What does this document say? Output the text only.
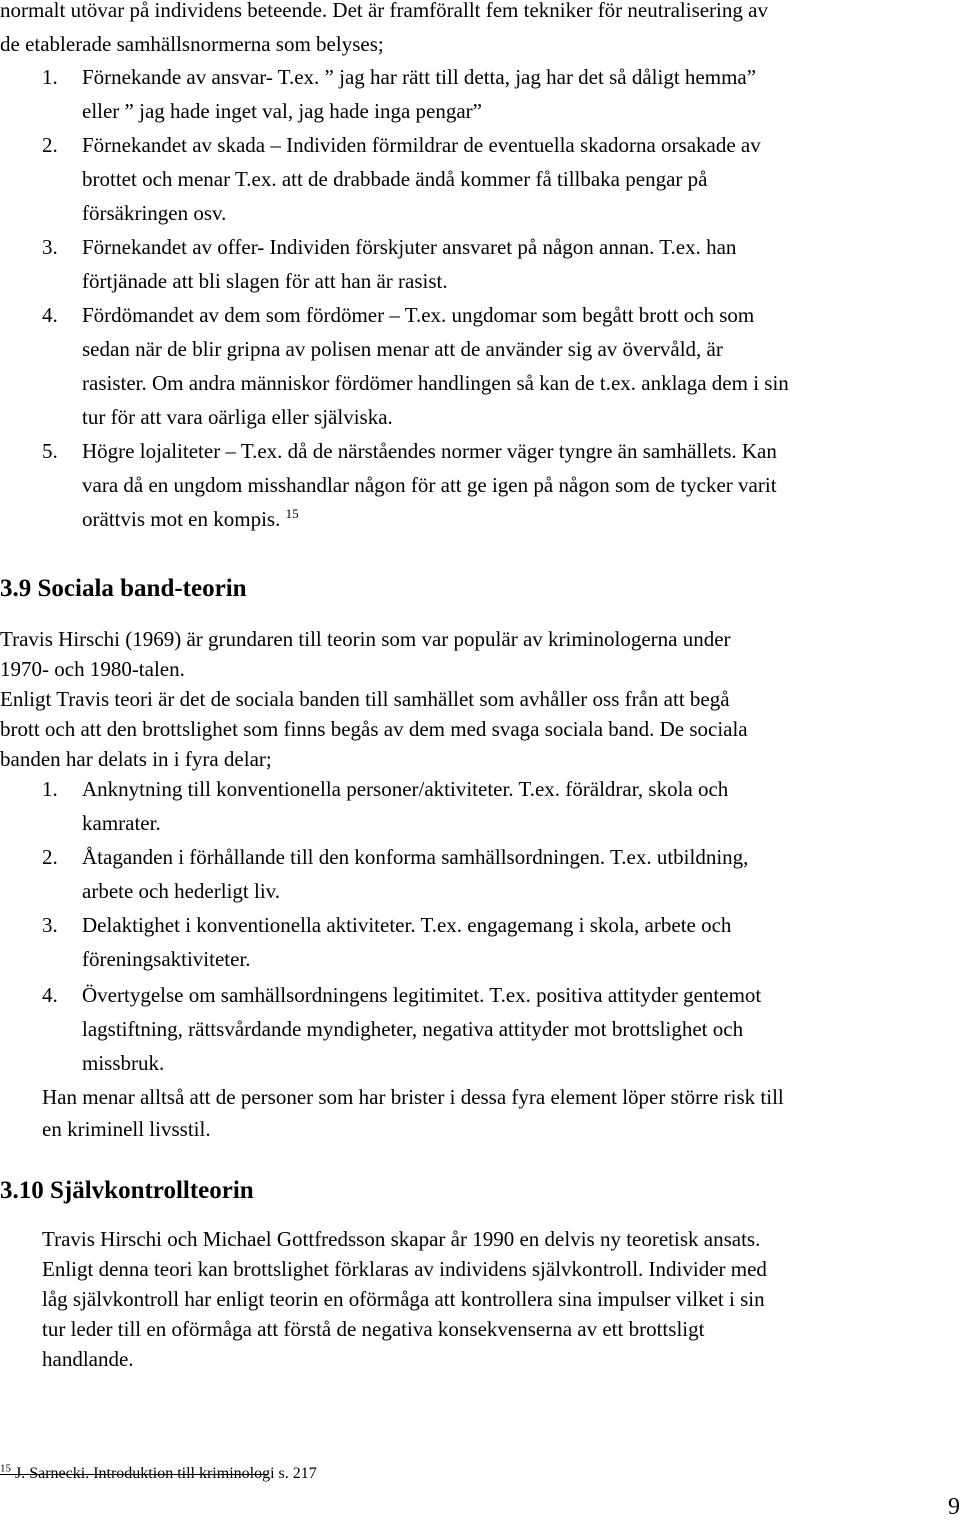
normalt utövar på individens beteende. Det är framförallt fem tekniker för neutralisering av

de etablerade samhällsnormerna som belyses;

1. Förnekande av ansvar- T.ex. ” jag har rätt till detta, jag har det så dåligt hemma”

eller ” jag hade inget val, jag hade inga pengar”

2. Förnekandet av skada – Individen förmildrar de eventuella skadorna orsakade av

brottet och menar T.ex. att de drabbade ändå kommer få tillbaka pengar på

försäkringen osv.

3. Förnekandet av offer- Individen förskjuter ansvaret på någon annan. T.ex. han

förtjänade att bli slagen för att han är rasist.

4. Fördömandet av dem som fördömer – T.ex. ungdomar som begått brott och som

sedan när de blir gripna av polisen menar att de använder sig av övervåld, är

rasister. Om andra människor fördömer handlingen så kan de t.ex. anklaga dem i sin

tur för att vara oärliga eller själviska.

5. Högre lojaliteter – T.ex. då de närståendes normer väger tyngre än samhällets. Kan

vara då en ungdom misshandlar någon för att ge igen på någon som de tycker varit

orättvis mot en kompis. $^{15}$

3.9 Sociala band-teorin

Travis Hirschi (1969) är grundaren till teorin som var populär av kriminologerna under

1970- och 1980-talen.

Enligt Travis teori är det de sociala banden till samhället som avhåller oss från att begå

brott och att den brottslighet som finns begås av dem med svaga sociala band. De sociala

banden har delats in i fyra delar;

1. Anknytning till konventionella personer/aktiviteter. T.ex. föräldrar, skola och

kamrater.

2. Åtaganden i förhållande till den konforma samhällsordningen. T.ex. utbildning,

arbete och hederligt liv.

3. Delaktighet i konventionella aktiviteter. T.ex. engagemang i skola, arbete och

föreningsaktiviteter.

4. Övertygelse om samhällsordningens legitimitet. T.ex. positiva attityder gentemot

lagstiftning, rättsvårdande myndigheter, negativa attityder mot brottslighet och

missbruk.

Han menar alltså att de personer som har brister i dessa fyra element löper större risk till

en kriminell livsstil.

3.10 Självkontrollteorin

Travis Hirschi och Michael Gottfredsson skapar år 1990 en delvis ny teoretisk ansats.

Enligt denna teori kan brottslighet förklaras av individens självkontroll. Individer med

låg självkontroll har enligt teorin en oförmåga att kontrollera sina impulser vilket i sin

tur leder till en oförmåga att förstå de negativa konsekvenserna av ett brottsligt

handlande.

$^{15}$ J. Sarnecki. Introduktion till kriminologi s. 217
9
